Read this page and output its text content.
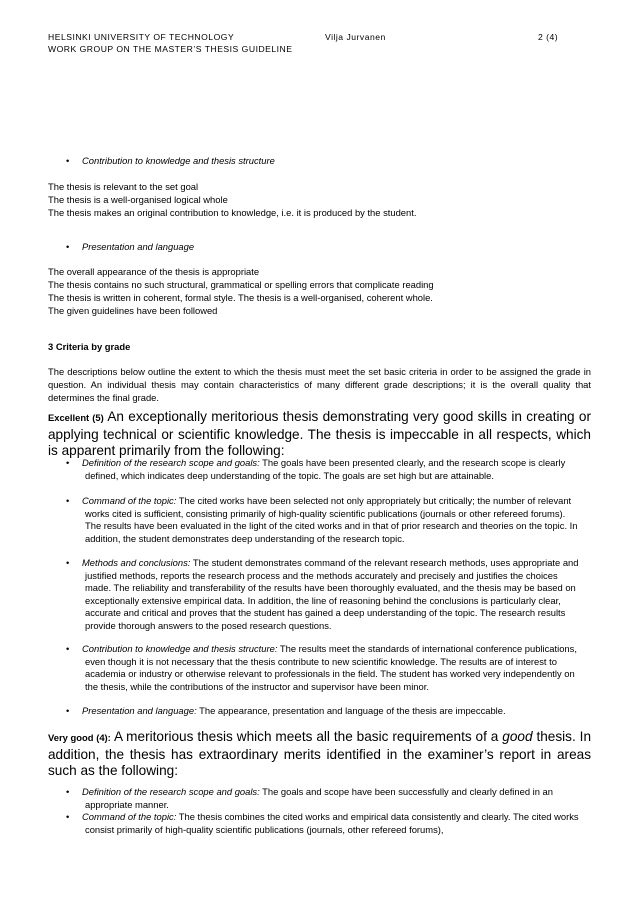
HELSINKI UNIVERSITY OF TECHNOLOGY	Vilja Jurvanen	2 (4)
WORK GROUP ON THE MASTER’S THESIS GUIDELINE
• Contribution to knowledge and thesis structure
The thesis is relevant to the set goal
The thesis is a well-organised logical whole
The thesis makes an original contribution to knowledge, i.e. it is produced by the student.
• Presentation and language
The overall appearance of the thesis is appropriate
The thesis contains no such structural, grammatical or spelling errors that complicate reading
The thesis is written in coherent, formal style. The thesis is a well-organised, coherent whole.
The given guidelines have been followed
3 Criteria by grade
The descriptions below outline the extent to which the thesis must meet the set basic criteria in order to be assigned the grade in question. An individual thesis may contain characteristics of many different grade descriptions; it is the overall quality that determines the final grade.
Excellent (5) An exceptionally meritorious thesis demonstrating very good skills in creating or applying technical or scientific knowledge. The thesis is impeccable in all respects, which is apparent primarily from the following:
• Definition of the research scope and goals: The goals have been presented clearly, and the research scope is clearly defined, which indicates deep understanding of the topic. The goals are set high but are attainable.
• Command of the topic: The cited works have been selected not only appropriately but critically; the number of relevant works cited is sufficient, consisting primarily of high-quality scientific publications (journals or other refereed forums). The results have been evaluated in the light of the cited works and in that of prior research and theories on the topic. In addition, the student demonstrates deep understanding of the research topic.
• Methods and conclusions: The student demonstrates command of the relevant research methods, uses appropriate and justified methods, reports the research process and the methods accurately and precisely and justifies the choices made. The reliability and transferability of the results have been thoroughly evaluated, and the thesis may be based on exceptionally extensive empirical data. In addition, the line of reasoning behind the conclusions is particularly clear, accurate and critical and proves that the student has gained a deep understanding of the topic. The research results provide thorough answers to the posed research questions.
• Contribution to knowledge and thesis structure: The results meet the standards of international conference publications, even though it is not necessary that the thesis contribute to new scientific knowledge. The results are of interest to academia or industry or otherwise relevant to professionals in the field. The student has worked very independently on the thesis, while the contributions of the instructor and supervisor have been minor.
• Presentation and language: The appearance, presentation and language of the thesis are impeccable.
Very good (4): A meritorious thesis which meets all the basic requirements of a good thesis. In addition, the thesis has extraordinary merits identified in the examiner’s report in areas such as the following:
• Definition of the research scope and goals: The goals and scope have been successfully and clearly defined in an appropriate manner.
• Command of the topic: The thesis combines the cited works and empirical data consistently and clearly. The cited works consist primarily of high-quality scientific publications (journals, other refereed forums),
